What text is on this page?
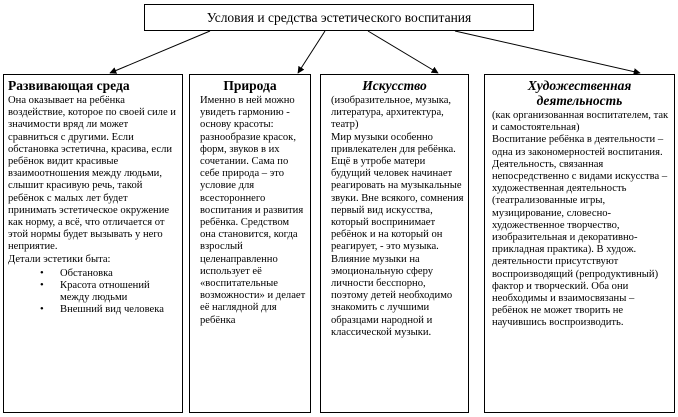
Условия и средства эстетического воспитания
Развивающая среда

Она оказывает на ребёнка воздействие, которое по своей силе и значимости вряд ли может сравниться с другими. Если обстановка эстетична, красива, если ребёнок видит красивые взаимоотношения между людьми, слышит красивую речь, такой ребёнок с малых лет будет принимать эстетическое окружение как норму, а всё, что отличается от этой нормы будет вызывать у него неприятие.

Детали эстетики быта:

• Обстановка
• Красота отношений между людьми
• Внешний вид человека
Природа

Именно в ней можно увидеть гармонию - основу красоты: разнообразие красок, форм, звуков в их сочетании. Сама по себе природа – это условие для всестороннего воспитания и развития ребёнка. Средством она становится, когда взрослый целенаправленно использует её «воспитательные возможности» и делает её наглядной для ребёнка

Искусство

(изобразительное, музыка, литература, архитектура, театр)

Мир музыки особенно привлекателен для ребёнка. Ещё в утробе матери будущий человек начинает реагировать на музыкальные звуки. Вне всякого, сомнения первый вид искусства, который воспринимает ребёнок и на который он реагирует, - это музыка. Влияние музыки на эмоциональную сферу личности бесспорно, поэтому детей необходимо знакомить с лучшими образцами народной и классической музыки.

Художественная деятельность

(как организованная воспитателем, так и самостоятельная)

Воспитание ребёнка в деятельности – одна из закономерностей воспитания. Деятельность, связанная непосредственно с видами искусства – художественная деятельность (театрализованные игры, музицирование, словесно-художественное творчество, изобразительная и декоративно-прикладная практика). В худож. деятельности присутствуют воспроизводящий (репродуктивный) фактор и творческий. Оба они необходимы и взаимосвязаны – ребёнок не может творить не научившись воспроизводить.
